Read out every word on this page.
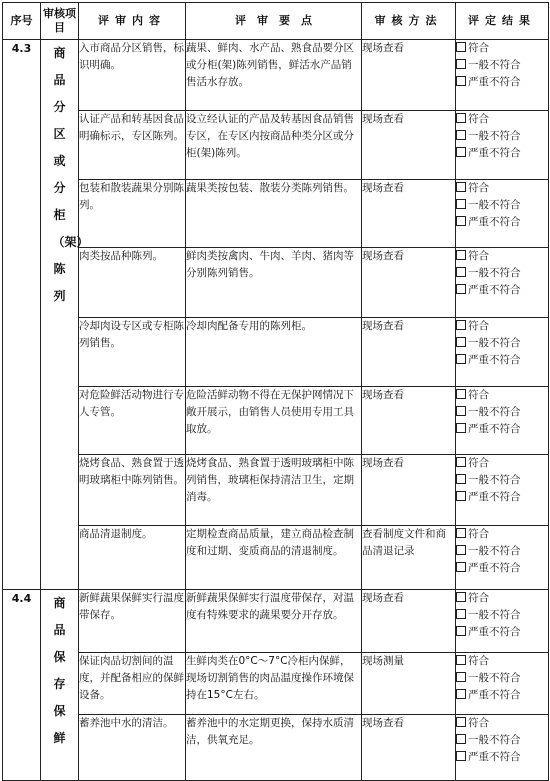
序号	审核项目	评审内容	评　审　要　点	审核方法	评定结果
4.3	商品分区或分柜（架）陈列	入市商品分区销售，标识明确。	蔬果、鲜肉、水产品、熟食品要分区或分柜(架)陈列销售，鲜活水产品销售活水存放。	现场查看	符合
一般不符合
严重不符合

		认证产品和转基因食品明确标示，专区陈列。	设立经认证的产品及转基因食品销售专区，在专区内按商品种类分区或分柜(架)陈列。	现场查看	符合
一般不符合
严重不符合

		包装和散装蔬果分别陈列。	蔬果类按包装、散装分类陈列销售。	现场查看	符合
一般不符合
严重不符合

		肉类按品种陈列。	鲜肉类按禽肉、牛肉、羊肉、猪肉等分别陈列销售。	现场查看	符合
一般不符合
严重不符合

		冷却肉设专区或专柜陈列销售。	冷却肉配备专用的陈列柜。	现场查看	符合
一般不符合
严重不符合

		对危险鲜活动物进行专人专管。	危险活鲜动物不得在无保护网情况下敞开展示，由销售人员使用专用工具取放。	现场查看	符合
一般不符合
严重不符合

		烧烤食品、熟食置于透明玻璃柜中陈列销售。	烧烤食品、熟食置于透明玻璃柜中陈列销售，玻璃柜保持清洁卫生，定期消毒。	现场查看	符合
一般不符合
严重不符合

		商品清退制度。	定期检查商品质量，建立商品检查制度和过期、变质商品的清退制度。	查看制度文件和商品清退记录	符合
一般不符合
严重不符合

4.4	商品保存保鲜	新鲜蔬果保鲜实行温度带保存。	新鲜蔬果保鲜实行温度带保存，对温度有特殊要求的蔬果要分开存放。	现场查看	符合
一般不符合
严重不符合

		保证肉品切割间的温度，并配备相应的保鲜设备。	生鲜肉类在0°C～7°C冷柜内保鲜，现场切割销售的肉品温度操作环境保持在15°C左右。	现场测量	符合
一般不符合
严重不符合

		蓄养池中水的清洁。	蓄养池中的水定期更换，保持水质清洁，供氧充足。	现场查看	符合
一般不符合
严重不符合
